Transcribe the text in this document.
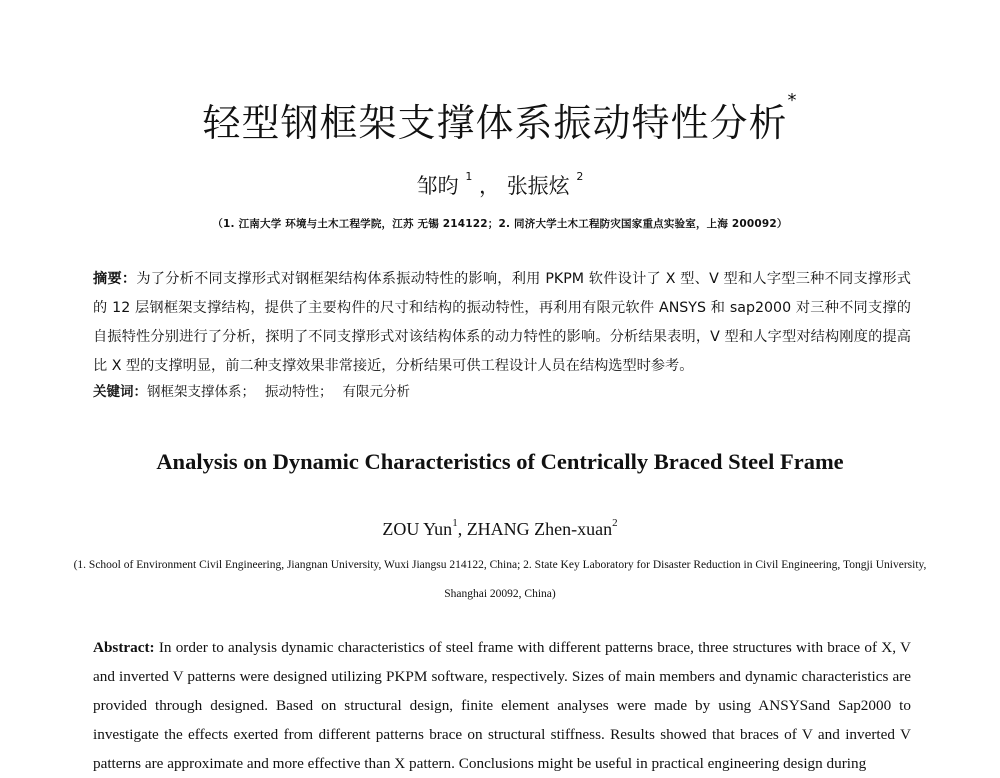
轻型钢框架支撑体系振动特性分析*
邹昀 $^1$ ， 张振炫 $^2$
（1. 江南大学 环境与土木工程学院，江苏 无锡 214122；2. 同济大学土木工程防灾国家重点实验室，上海 200092）
摘要：为了分析不同支撑形式对钢框架结构体系振动特性的影响，利用 PKPM 软件设计了 X 型、V 型和人字型三种不同支撑形式的 12 层钢框架支撑结构，提供了主要构件的尺寸和结构的振动特性，再利用有限元软件 ANSYS 和 sap2000 对三种不同支撑的自振特性分别进行了分析，探明了不同支撑形式对该结构体系的动力特性的影响。分析结果表明，V 型和人字型对结构刚度的提高比 X 型的支撑明显，前二种支撑效果非常接近，分析结果可供工程设计人员在结构选型时参考。
关键词：钢框架支撑体系； 振动特性； 有限元分析
Analysis on Dynamic Characteristics of Centrically Braced Steel Frame
ZOU Yun$^1$, ZHANG Zhen-xuan$^2$
(1. School of Environment Civil Engineering, Jiangnan University, Wuxi Jiangsu 214122, China; 2. State Key Laboratory for Disaster Reduction in Civil Engineering, Tongji University, Shanghai 20092, China)
Abstract: In order to analysis dynamic characteristics of steel frame with different patterns brace, three structures with brace of X, V and inverted V patterns were designed utilizing PKPM software, respectively. Sizes of main members and dynamic characteristics are provided through designed. Based on structural design, finite element analyses were made by using ANSYSand Sap2000 to investigate the effects exerted from different patterns brace on structural stiffness. Results showed that braces of V and inverted V patterns are approximate and more effective than X pattern. Conclusions might be useful in practical engineering design during
